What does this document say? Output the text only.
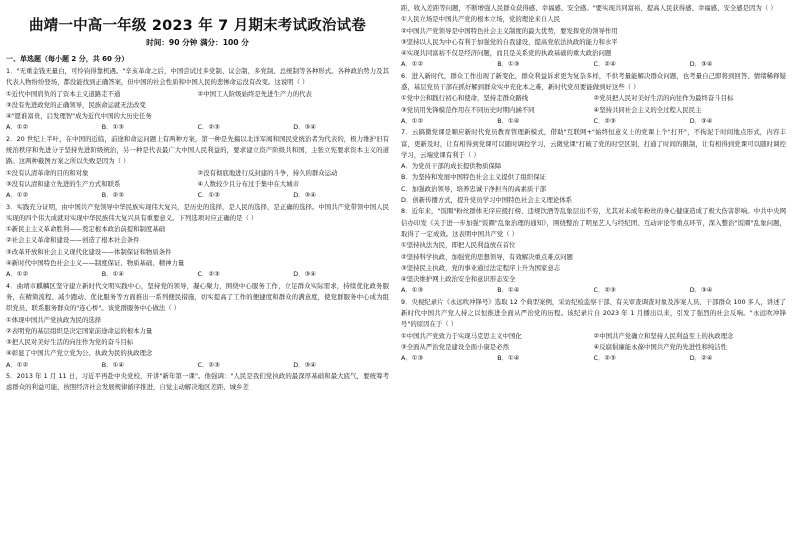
曲靖一中高一年级 2023 年 7 月期末考试政治试卷
时间：90 分钟 满分：100 分
一、单选题（每小题 2 分，共 60 分）

1．"无重金钱无量白，可怜钧得靠机遇。"辛亥革命之后，中国尝试过多党制、议会制、多党制、总统制等各种形式。各种政治势力及其代表人物纷纷登场，都没能找到正确答案，但中国的社会性质和中国人民的悲惨命运没有改变。这说明（ ）

①近代中国肩负的了资本主义道路走不通	②中国工人阶级始终是先进生产力的代表

③没有先进政党的正确领导，民族命运就无法改变

④"愿谁富贵，启发理智"成为近代中国的大历史任务

A．①②	B．①③	C．②③	D．③④

2．20 世纪上半叶，在中国的近临，前途和命运问题上有两种方案，第一种是先搞以北洋军阀和国民党统治者为代表的，极力维护旧有统治秩序和先进分子坚持先进阶级统治，另一种是代表最广大中国人民利益的，要求建立资产阶级共和国，主张立宪要求资本主义的道路。这两种截图方案之所以失败是因为（ ）

①没有认清革命的目的和对象	②没有彻底地进行反封建的斗争，持久的群众运动
③没有认清和建立先进的生产方式和联系	④人数较少且分布过于集中在大城市
A．①②	B．②③	C．①③	D．③④

3．实践充分证明，由中国共产党领导中华民族实现伟大复兴，是历史的选择，是人民的选择，是正确的选择。中国共产党带领中国人民实现的四个伟大成就对实现中华民族伟大复兴具有重要意义。下列选项对应正确的是（ ）

①新民主主义革命胜利——奠定根本政治前提和制度基础

②社会主义革命和建设——创造了根本社会条件

③改革开放和社会主义现代化建设——体制保证和物质条件

④新时代中国特色社会主义——制度保证、物质基础、精神力量

A．①②	B．①④	C．②③	D．③④

4．曲靖市麒麟区坚守建立新时代文明实践中心，坚持党的领导，凝心聚力，围绕中心服务工作，立足群众实际需求，持续优化政务服务，在精简流程、减少跑动、优化服务等方面推出一系列便民措施，切实提高了工作的便捷度和群众的满意度，使党群服务中心成为组织党员、联系服务群众的"连心桥"。该党群服务中心做法（ ）

①体现中国共产党执政为民的选择

②表明党的基层组织是决定国家前途命运的根本力量

③把人民对美好生活的向往作为党的奋斗目标

④彰显了中国共产党立党为公、执政为民的执政理念

A．①②	B．①④	C．②③	D．③④

5．2013 年 1 月 11 日，习近平再赴中央党校，开讲"新年第一课"。他强调："人民是我们党执政的最深厚基础和最大底气，要统筹考虑群众的利益可能，按照经济社会发展规律循序推进，自觉主动解决地区差距、城乡差

距、收入差距等问题，不断增强人民群众获得感、幸福感、安全感。"要实现共同富裕，提高人民获得感、幸福感、安全感是因为（ ）

①人民立场是中国共产党的根本立场，党的理论来自人民

②中国共产党领导是中国特色社会主义制度的最大优势，要发挥党的领导作用

③坚持以人民为中心有利于加强党的自我建设，提高党依法执政的能力和水平

④实现共同富裕不仅是经济问题，而且是关系党的执政基础的重大政治问题

A．①②	B．①③	C．②④	D．③④

6．进入新时代，群众工作出现了新变化，群众利益诉求更为复杂多样，不供考量能解决群众问题，也考量自己即将到回答、情绪稀释疑惑，基层党员干部在抓好解到群众实中充化本之难，新时代党员要能做到好这些（ ）

①党中公和践行初心和使命，坚持走群众路线	②党员把人民对美好生活的向往作为最终奋斗目标
③党员用先锋模范作用在不同历史时期内涵不同	④坚持共同社会主义的全过程人民民主
A．①②	B．①④	C．②③	D．③④

7．云搞微党课是顺应新时代党员教育管理新模式，借助"互联网+"始终恒意义上的党课上个"打开"，不拘泥于时间地点形式，内容丰富，更新及时，让有相得到党课可以随时调控学习，云微党课"打破了党的时空区别，打通了时间的限制，让有相得到党课可以随时调控学习，云端党课有利于（ ）

A．为党员干部的成长提供物质保障

B．为坚持和发展中国特色社会主义提供了组织保证

C．加强政治领导，培养忠诚干净担当的高素质干部

D．创新传播方式，提升党员学习中国特色社会主义理论体系

8．近年来，"饭圈"粉丝群体无序应援打榜、违规饮酒等乱象层出不穷，尤其对未成年粉丝的身心健康造成了极大伤害影响。中共中央网信办印发《关于进一步加强"饭圈"乱象治理的通知》，围绕整治了明星艺人与经纪团、互动评论等重点环节，深入整治"饭圈"乱象问题，取得了一定成效。这表明中国共产党（ ）

①坚持执法为民，即把人民利益放在首位

②坚持科学执政，加强党的思想领导，有效解决重点难点问题

③坚持民主执政，党的事业通过法定程序上升为国家意志

④坚决维护网上政治安全和意识形态安全

A．①③	B．①④	C．②③	D．③④

9．央视纪录片《永远吹冲锋号》选取 12 个典型案例，采访纪检监察干部、有关审查调查对象及涉案人员、干部群众 100 多人，讲述了新时代中国共产党人持之以恒推进全面从严治党的历程。该纪录片自 2023 年 1 月播出以来，引发了强烈的社会反响。"永远吹冲锋号"的原因在于（ ）

①中国共产党致力于实现马克思主义中国化	②中国共产党确立和坚持人民利益至上的执政理念
③全面从严治党是建设全面小康是必然	④反腐倡廉能永葆中国共产党的先进性和纯洁性
A．①③	B．①④	C．②③	D．②④
